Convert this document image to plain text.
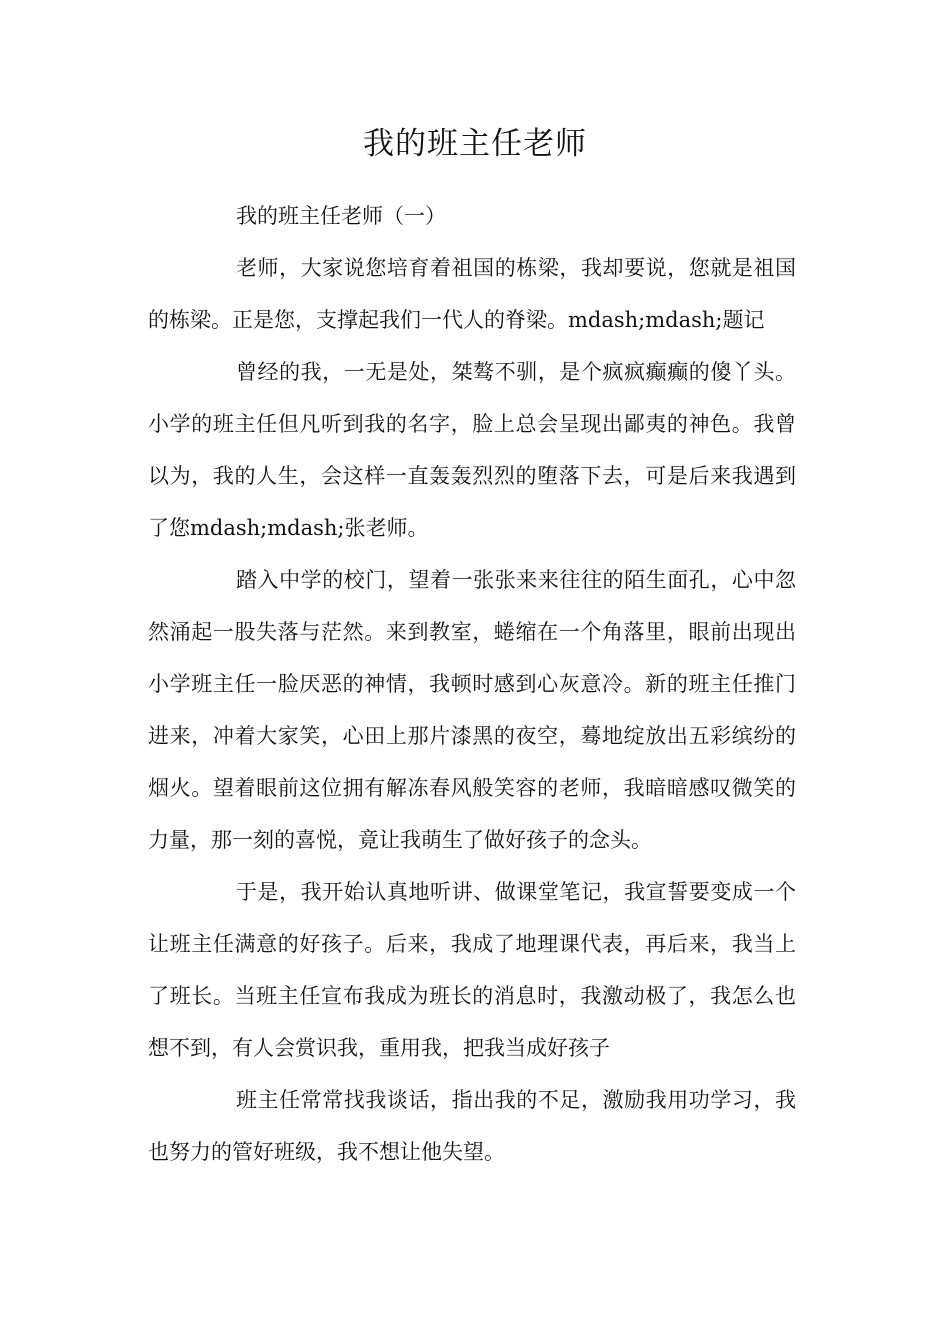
我的班主任老师

我的班主任老师（一）

老师，大家说您培育着祖国的栋梁，我却要说，您就是祖国的栋梁。正是您，支撑起我们一代人的脊梁。mdash;mdash;题记

曾经的我，一无是处，桀骜不驯，是个疯疯癫癫的傻丫头。小学的班主任但凡听到我的名字，脸上总会呈现出鄙夷的神色。我曾以为，我的人生，会这样一直轰轰烈烈的堕落下去，可是后来我遇到了您mdash;mdash;张老师。

踏入中学的校门，望着一张张来来往往的陌生面孔，心中忽然涌起一股失落与茫然。来到教室，蜷缩在一个角落里，眼前出现出小学班主任一脸厌恶的神情，我顿时感到心灰意冷。新的班主任推门进来，冲着大家笑，心田上那片漆黑的夜空，蓦地绽放出五彩缤纷的烟火。望着眼前这位拥有解冻春风般笑容的老师，我暗暗感叹微笑的力量，那一刻的喜悦，竟让我萌生了做好孩子的念头。

于是，我开始认真地听讲、做课堂笔记，我宣誓要变成一个让班主任满意的好孩子。后来，我成了地理课代表，再后来，我当上了班长。当班主任宣布我成为班长的消息时，我激动极了，我怎么也想不到，有人会赏识我，重用我，把我当成好孩子

班主任常常找我谈话，指出我的不足，激励我用功学习，我也努力的管好班级，我不想让他失望。
